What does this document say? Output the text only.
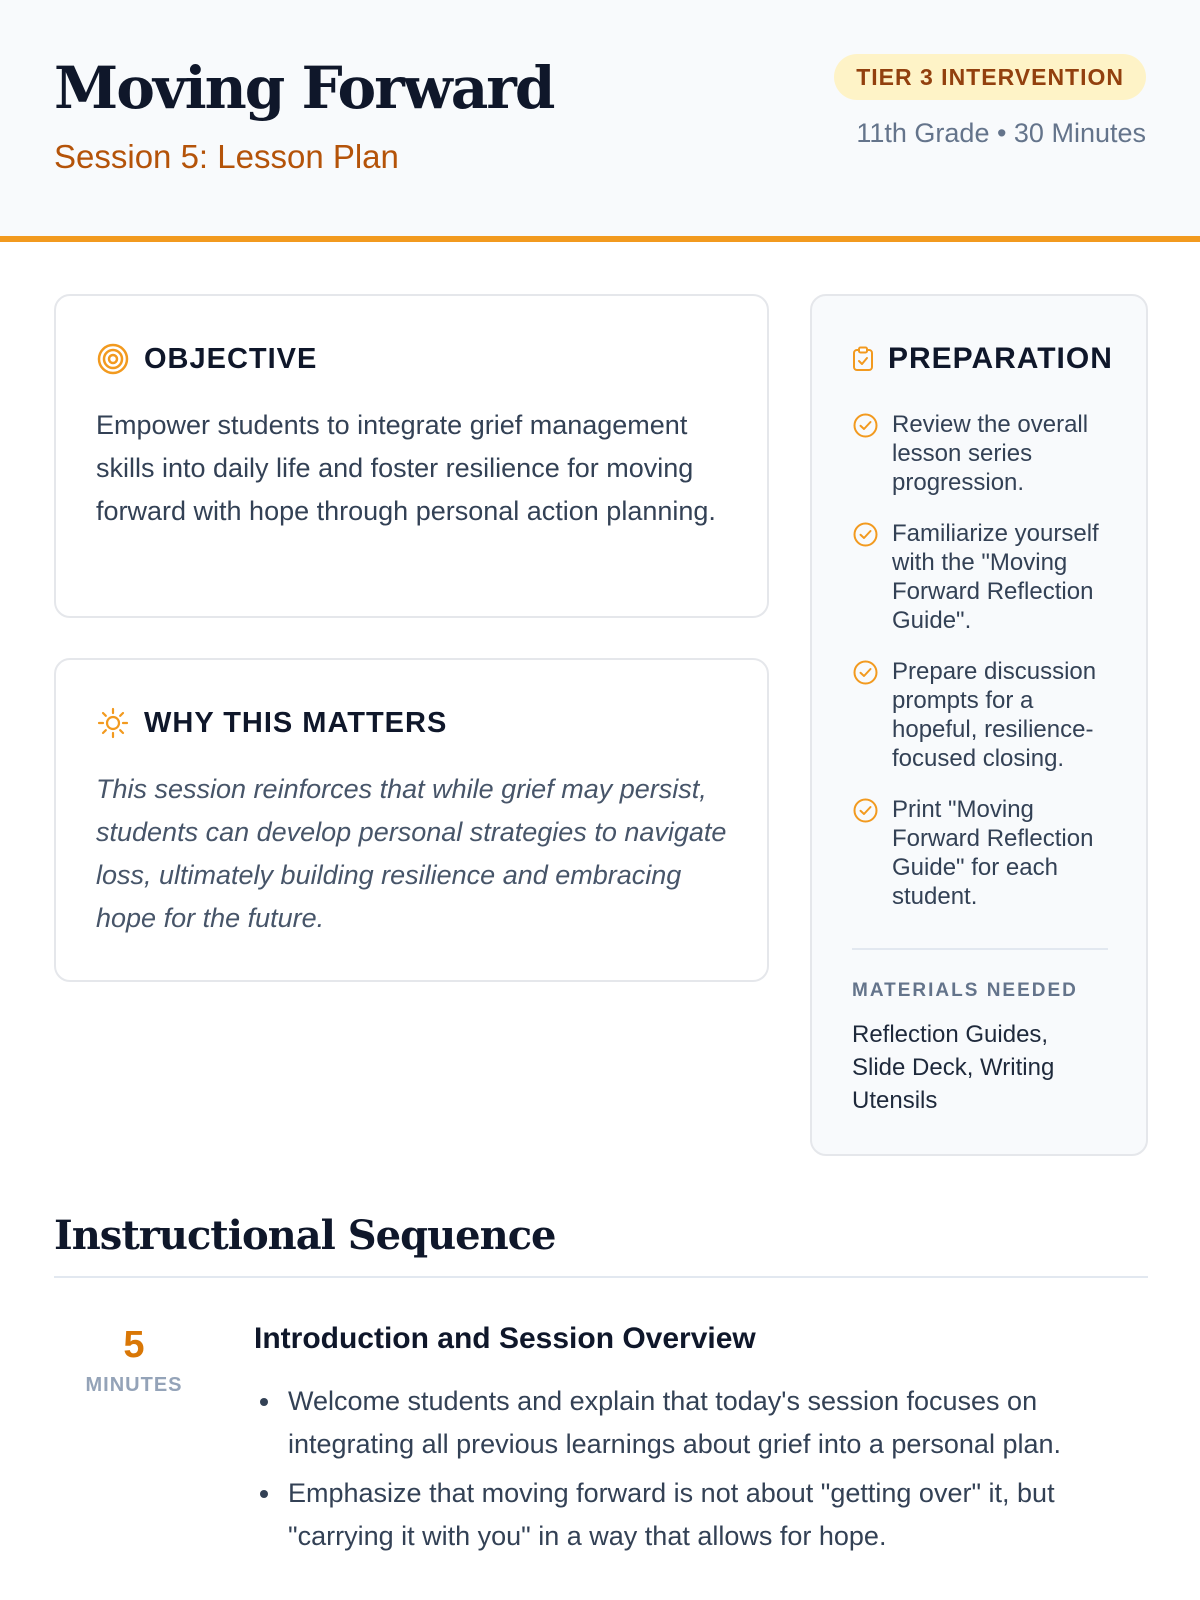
Moving Forward
Session 5: Lesson Plan
TIER 3 INTERVENTION
11th Grade • 30 Minutes
OBJECTIVE

Empower students to integrate grief management skills into daily life and foster resilience for moving forward with hope through personal action planning.

WHY THIS MATTERS

This session reinforces that while grief may persist, students can develop personal strategies to navigate loss, ultimately building resilience and embracing hope for the future.

PREPARATION
Review the overall lesson series progression.
Familiarize yourself with the "Moving Forward Reflection Guide".
Prepare discussion prompts for a hopeful, resilience-focused closing.
Print "Moving Forward Reflection Guide" for each student.
MATERIALS NEEDED
Reflection Guides, Slide Deck, Writing Utensils
Instructional Sequence
5
MINUTES
Introduction and Session Overview
Welcome students and explain that today's session focuses on integrating all previous learnings about grief into a personal plan.
Emphasize that moving forward is not about "getting over" it, but "carrying it with you" in a way that allows for hope.
